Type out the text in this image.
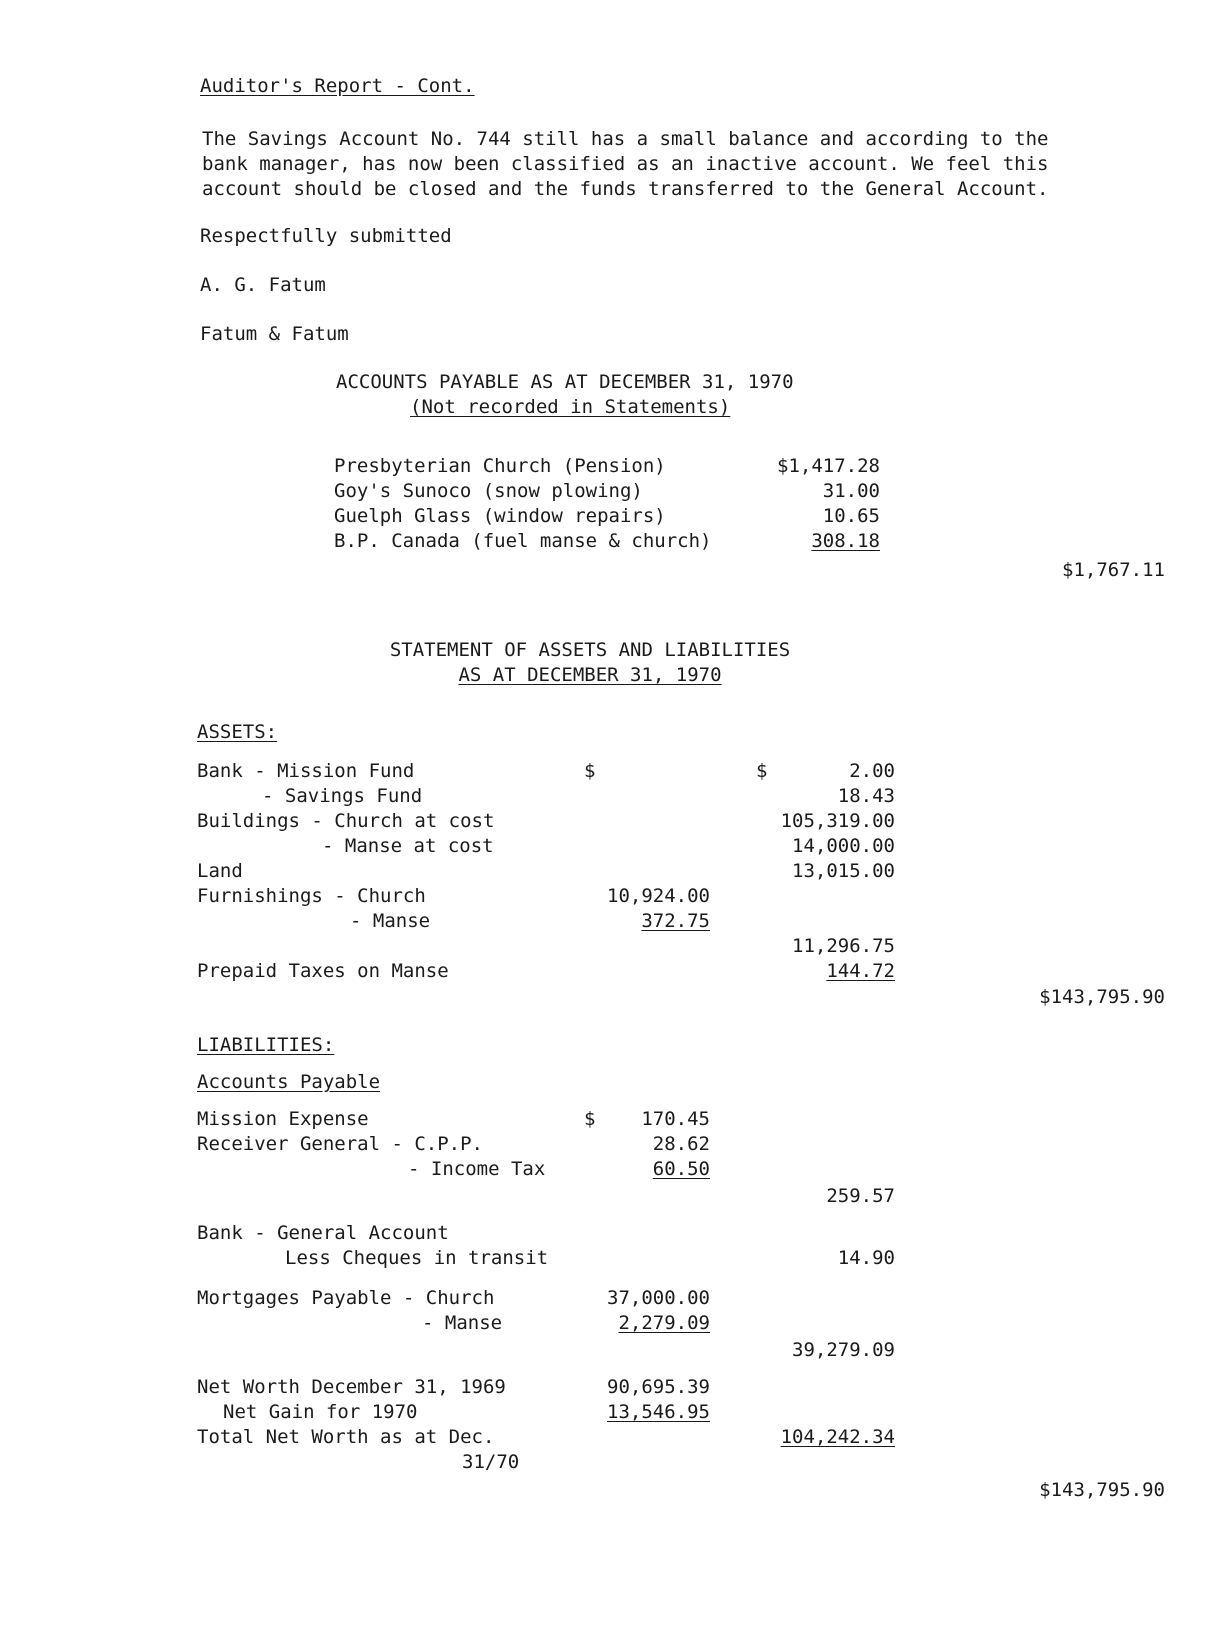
Auditor's Report - Cont.
The Savings Account No. 744 still has a small balance and according to the
bank manager, has now been classified as an inactive account. We feel this
account should be closed and the funds transferred to the General Account.
Respectfully submitted
A. G. Fatum
Fatum & Fatum
ACCOUNTS PAYABLE AS AT DECEMBER 31, 1970
(Not recorded in Statements)
Presbyterian Church (Pension)	$1,417.28
Goy's Sunoco (snow plowing)	31.00
Guelph Glass (window repairs)	10.65
B.P. Canada (fuel manse & church)	308.18
$1,767.11
STATEMENT OF ASSETS AND LIABILITIES
AS AT DECEMBER 31, 1970
ASSETS:
Bank - Mission Fund	$	$	2.00
- Savings Fund	18.43
Buildings - Church at cost	105,319.00
- Manse at cost	14,000.00
Land	13,015.00
Furnishings - Church	10,924.00
- Manse	372.75
11,296.75
Prepaid Taxes on Manse	144.72
$143,795.90
LIABILITIES:
Accounts Payable
Mission Expense	$	170.45
Receiver General - C.P.P.	28.62
- Income Tax	60.50
259.57
Bank - General Account
Less Cheques in transit	14.90
Mortgages Payable - Church	37,000.00
- Manse	2,279.09
39,279.09
Net Worth December 31, 1969	90,695.39
Net Gain for 1970	13,546.95
Total Net Worth as at Dec.	104,242.34
31/70
$143,795.90
